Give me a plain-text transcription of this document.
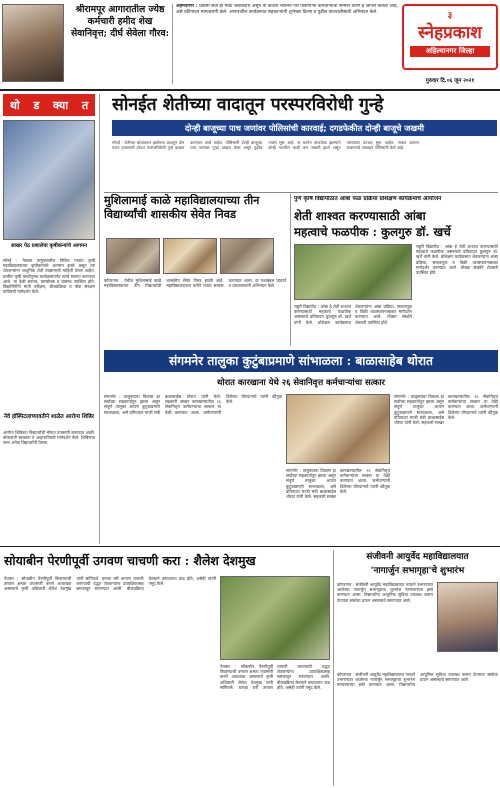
श्रीरामपूर आगारातील ज्येष्ठ कर्मचारी हमीद शेख सेवानिवृत्त; दीर्घ सेवेला गौरव:
अहमदनगर : प्रवासी सेवा ही मोठी जबाबदारी असून ती कर्तव्य भावनेने पार पाडणाऱ्या कर्मचाऱ्यांचा सन्मान करणे हे आपले कर्तव्य आहे, असे प्रतिपादन मान्यवरांनी केले. आगारातील कार्यक्रमात सहकाऱ्यांनी शुभेच्छा दिल्या व पुढील वाटचालीसाठी अभिनंदन केले.	३
स्नेहप्रकाश
अहिल्यानगर जिल्हा
गुरुवार दि.०६ जून २०२१
थो ड क्या त सोनईत शेतीच्या वादातून परस्परविरोधी गुन्हे
दोन्ही बाजूच्या पाच जणांवर पोलिसांची कारवाई; दगडफेकीत दोन्ही बाजूचे जखमी
साखर पेठ प्रशालेचा कृषीकन्यांचे आगमन
सोनई : नेवासा तालुक्यातील विविध गावांत कृषी महाविद्यालयाच्या कृषीकन्यांचे आगमन झाले असून त्या शेतकऱ्यांना आधुनिक शेती तंत्रज्ञानाची माहिती देणार आहेत. ग्रामीण कृषी कार्यानुभव कार्यक्रमांतर्गत त्यांचे स्वागत करण्यात आले. या वेळी सरपंच, ग्रामसेवक व ग्रामस्थ उपस्थित होते. विद्यार्थिनींनी माती परीक्षण, बीजप्रक्रिया व पीक संरक्षण याविषयी मार्गदर्शन केले.
नेवे हॉस्पिटलाच्यावतीने शाळेत आरोग्य शिबिर
आरोग्य शिबिरात विद्यार्थ्यांची मोफत तपासणी करण्यात आली. डॉक्टरांनी स्वच्छता व आहाराविषयी मार्गदर्शन केले. शिबिराचा लाभ अनेक विद्यार्थ्यांनी घेतला.
सोनई : शेतीच्या बांधावरून झालेल्या वादातून दोन गटांत हाणामारी होऊन परस्परविरोधी गुन्हे दाखल करण्यात आले आहेत. पोलिसांनी दोन्ही बाजूच्या पाच जणांवर गुन्हा दाखल केला असून पुढील तपास सुरू आहे. या घटनेत दगडफेक झाल्याने दोन्ही गटातील काही जण जखमी झाले असून त्यांच्यावर उपचार सुरू आहेत. गावात शांतता राखण्याचे आवाहन पोलिसांनी केले आहे.
मुशिलामाई काळे महाविद्यालयाच्या तीन विद्यार्थ्यांची शासकीय सेवेत निवड
कोपरगाव : येथील मुशिलामाई काळे महाविद्यालयाच्या तीन विद्यार्थ्यांची शासकीय सेवेत निवड झाली आहे. महाविद्यालयाच्या वतीने त्यांचा सत्कार करण्यात आला. या यशाबद्दल प्राचार्य व प्राध्यापकांनी अभिनंदन केले.
पुणे कृषि विद्यापीठात आंबा फळ प्रक्रिया प्रशिक्षण कार्यक्रमाचे आयोजन
शेती शाश्वत करण्यासाठी आंबा
महत्वाचे फळपीक : कुलगुरु डॉ. खर्चे
राहुरी विद्यापीठ : आंबा हे शेती शाश्वत करण्यासाठी महत्वाचे फळपीक असल्याचे प्रतिपादन कुलगुरु डॉ. खर्चे यांनी केले. प्रशिक्षण कार्यक्रमात शेतकऱ्यांना आंबा प्रक्रिया, साठवणूक व विक्री व्यवस्थापनाबाबत मार्गदर्शन करण्यात आले. मोठ्या संख्येने शेतकरी उपस्थित होते.
राहुरी विद्यापीठ : आंबा हे शेती शाश्वत करण्यासाठी महत्वाचे फळपीक असल्याचे प्रतिपादन कुलगुरु डॉ. खर्चे यांनी केले. प्रशिक्षण कार्यक्रमात शेतकऱ्यांना आंबा प्रक्रिया, साठवणूक व विक्री व्यवस्थापनाबाबत मार्गदर्शन करण्यात आले. मोठ्या संख्येने शेतकरी उपस्थित होते.
संगमनेर तालुका कुटुंबाप्रमाणे सांभाळला : बाळासाहेब थोरात
थोरात कारखाना येथे २६ सेवानिवृत्त कर्मचाऱ्यांचा सत्कार
संगमनेर : तालुक्याचा विकास हा सर्वांच्या सहकार्यातून झाला असून संपूर्ण तालुका आपण कुटुंबाप्रमाणे सांभाळला, असे प्रतिपादन माजी मंत्री बाळासाहेब थोरात यांनी केले. सहकारी साखर कारखान्यातील २६ सेवानिवृत्त कर्मचाऱ्यांचा सत्कार या वेळी करण्यात आला. कर्मचाऱ्यांनी दिलेल्या योगदानाचे त्यांनी कौतुक केले.
संगमनेर : तालुक्याचा विकास हा सर्वांच्या सहकार्यातून झाला असून संपूर्ण तालुका आपण कुटुंबाप्रमाणे सांभाळला, असे प्रतिपादन माजी मंत्री बाळासाहेब थोरात यांनी केले. सहकारी साखर कारखान्यातील २६ सेवानिवृत्त कर्मचाऱ्यांचा सत्कार या वेळी करण्यात आला. कर्मचाऱ्यांनी दिलेल्या योगदानाचे त्यांनी कौतुक केले.
संगमनेर : तालुक्याचा विकास हा सर्वांच्या सहकार्यातून झाला असून संपूर्ण तालुका आपण कुटुंबाप्रमाणे सांभाळला, असे प्रतिपादन माजी मंत्री बाळासाहेब थोरात यांनी केले. सहकारी साखर कारखान्यातील २६ सेवानिवृत्त कर्मचाऱ्यांचा सत्कार या वेळी करण्यात आला. कर्मचाऱ्यांनी दिलेल्या योगदानाचे त्यांनी कौतुक केले.
सोयाबीन पेरणीपूर्वी उगवण चाचणी करा : शैलेश देशमुख
नेवासा : सोयाबीन पेरणीपूर्वी बियाण्याची उगवण क्षमता तपासणी करणे आवश्यक असल्याचे कृषी अधिकारी शैलेश देशमुख यांनी सांगितले. घरच्या घरी उगवण चाचणी करण्याची पद्धत शेतकऱ्यांना प्रात्यक्षिकासह समजावून सांगण्यात आली. बीजप्रक्रिया केल्याने उत्पादनात वाढ होते, असेही त्यांनी नमूद केले.
नेवासा : सोयाबीन पेरणीपूर्वी बियाण्याची उगवण क्षमता तपासणी करणे आवश्यक असल्याचे कृषी अधिकारी शैलेश देशमुख यांनी सांगितले. घरच्या घरी उगवण चाचणी करण्याची पद्धत शेतकऱ्यांना प्रात्यक्षिकासह समजावून सांगण्यात आली. बीजप्रक्रिया केल्याने उत्पादनात वाढ होते, असेही त्यांनी नमूद केले.
संजीवनी आयुर्वेद महाविद्यालयात
'नागार्जुन सभागृहा'चे शुभारंभ
कोपरगाव : संजीवनी आयुर्वेद महाविद्यालयात नव्याने उभारण्यात आलेल्या नागार्जुन सभागृहाचा शुभारंभ मान्यवरांच्या हस्ते करण्यात आला. विद्यार्थ्यांना आधुनिक सुविधा उपलब्ध करून देण्याचा संस्थेचा प्रयत्न असल्याचे सांगण्यात आले.
कोपरगाव : संजीवनी आयुर्वेद महाविद्यालयात नव्याने उभारण्यात आलेल्या नागार्जुन सभागृहाचा शुभारंभ मान्यवरांच्या हस्ते करण्यात आला. विद्यार्थ्यांना आधुनिक सुविधा उपलब्ध करून देण्याचा संस्थेचा प्रयत्न असल्याचे सांगण्यात आले.
